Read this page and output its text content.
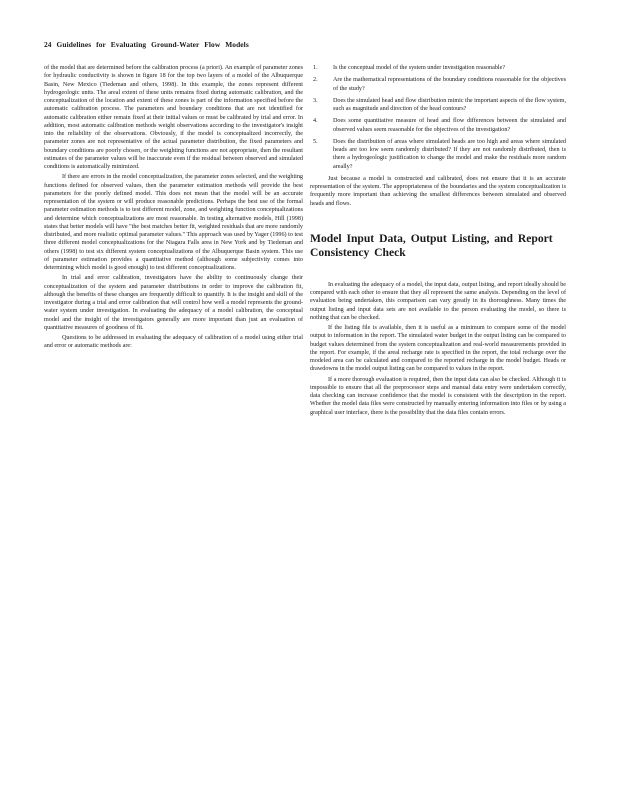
24 Guidelines for Evaluating Ground-Water Flow Models

of the model that are determined before the calibration process (a priori). An example of parameter zones for hydraulic conductivity is shown in figure 18 for the top two layers of a model of the Albuquerque Basin, New Mexico (Tiedeman and others, 1998). In this example, the zones represent different hydrogeologic units. The areal extent of these units remains fixed during automatic calibration, and the conceptualization of the location and extent of these zones is part of the information specified before the automatic calibration process. The parameters and boundary conditions that are not identified for automatic calibration either remain fixed at their initial values or must be calibrated by trial and error. In addition, most automatic calibration methods weight observations according to the investigator's insight into the reliability of the observations. Obviously, if the model is conceptualized incorrectly, the parameter zones are not representative of the actual parameter distribution, the fixed parameters and boundary conditions are poorly chosen, or the weighting functions are not appropriate, then the resultant estimates of the parameter values will be inaccurate even if the residual between observed and simulated conditions is automatically minimized.

If there are errors in the model conceptualization, the parameter zones selected, and the weighting functions defined for observed values, then the parameter estimation methods will provide the best parameters for the poorly defined model. This does not mean that the model will be an accurate representation of the system or will produce reasonable predictions. Perhaps the best use of the formal parameter estimation methods is to test different model, zone, and weighting function conceptualizations and determine which conceptualizations are most reasonable. In testing alternative models, Hill (1998) states that better models will have "the best matches better fit, weighted residuals that are more randomly distributed, and more realistic optimal parameter values." This approach was used by Yager (1996) to test three different model conceptualizations for the Niagara Falls area in New York and by Tiedeman and others (1998) to test six different system conceptualizations of the Albuquerque Basin system. This use of parameter estimation provides a quantitative method (although some subjectivity comes into determining which model is good enough) to test different conceptualizations.

In trial and error calibration, investigators have the ability to continuously change their conceptualization of the system and parameter distributions in order to improve the calibration fit, although the benefits of these changes are frequently difficult to quantify. It is the insight and skill of the investigator during a trial and error calibration that will control how well a model represents the ground-water system under investigation. In evaluating the adequacy of a model calibration, the conceptual model and the insight of the investigators generally are more important than just an evaluation of quantitative measures of goodness of fit.

Questions to be addressed in evaluating the adequacy of calibration of a model using either trial and error or automatic methods are:

1.	Is the conceptual model of the system under investigation reasonable?
2.	Are the mathematical representations of the boundary conditions reasonable for the objectives of the study?
3.	Does the simulated head and flow distribution mimic the important aspects of the flow system, such as magnitude and direction of the head contours?
4.	Does some quantitative measure of head and flow differences between the simulated and observed values seem reasonable for the objectives of the investigation?
5.	Does the distribution of areas where simulated heads are too high and areas where simulated heads are too low seem randomly distributed? If they are not randomly distributed, then is there a hydrogeologic justification to change the model and make the residuals more random areally?

Just because a model is constructed and calibrated, does not ensure that it is an accurate representation of the system. The appropriateness of the boundaries and the system conceptualization is frequently more important than achieving the smallest differences between simulated and observed heads and flows.

Model Input Data, Output Listing, and Report Consistency Check

In evaluating the adequacy of a model, the input data, output listing, and report ideally should be compared with each other to ensure that they all represent the same analysis. Depending on the level of evaluation being undertaken, this comparison can vary greatly in its thoroughness. Many times the output listing and input data sets are not available to the person evaluating the model, so there is nothing that can be checked.

If the listing file is available, then it is useful as a minimum to compare some of the model output to information in the report. The simulated water budget in the output listing can be compared to budget values determined from the system conceptualization and real-world measurements provided in the report. For example, if the areal recharge rate is specified in the report, the total recharge over the modeled area can be calculated and compared to the reported recharge in the model budget. Heads or drawdowns in the model output listing can be compared to values in the report.

If a more thorough evaluation is required, then the input data can also be checked. Although it is impossible to ensure that all the preprocessor steps and manual data entry were undertaken correctly, data checking can increase confidence that the model is consistent with the description in the report. Whether the model data files were constructed by manually entering information into files or by using a graphical user interface, there is the possibility that the data files contain errors.
